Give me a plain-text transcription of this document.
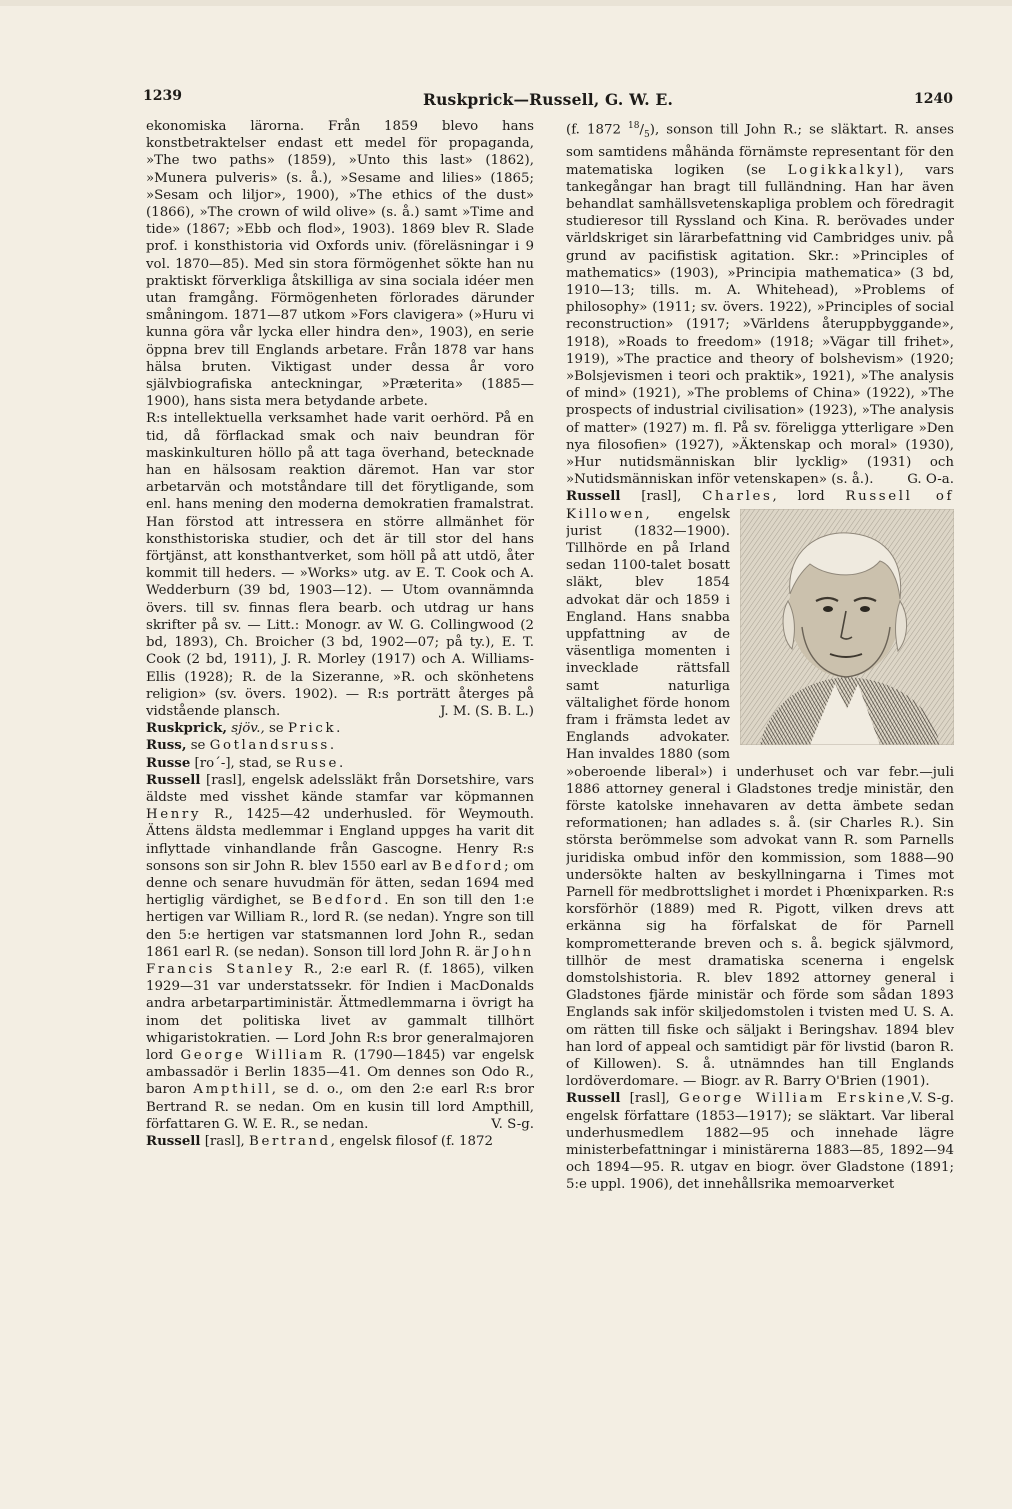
1239	Ruskprick—Russell, G. W. E.	1240

ekonomiska lärorna. Från 1859 blevo hans konstbetraktelser endast ett medel för propaganda, »The two paths» (1859), »Unto this last» (1862), »Munera pulveris» (s. å.), »Sesame and lilies» (1865; »Sesam och liljor», 1900), »The ethics of the dust» (1866), »The crown of wild olive» (s. å.) samt »Time and tide» (1867; »Ebb och flod», 1903). 1869 blev R. Slade prof. i konsthistoria vid Oxfords univ. (föreläsningar i 9 vol. 1870—85). Med sin stora förmögenhet sökte han nu praktiskt förverkliga åtskilliga av sina sociala idéer men utan framgång. Förmögenheten förlorades därunder småningom. 1871—87 utkom »Fors clavigera» (»Huru vi kunna göra vår lycka eller hindra den», 1903), en serie öppna brev till Englands arbetare. Från 1878 var hans hälsa bruten. Viktigast under dessa år voro självbiografiska anteckningar, »Præterita» (1885—1900), hans sista mera betydande arbete.

R:s intellektuella verksamhet hade varit oerhörd. På en tid, då förflackad smak och naiv beundran för maskinkulturen höllo på att taga överhand, betecknade han en hälsosam reaktion däremot. Han var stor arbetarvän och motståndare till det förytligande, som enl. hans mening den moderna demokratien framalstrat. Han förstod att intressera en större allmänhet för konsthistoriska studier, och det är till stor del hans förtjänst, att konsthantverket, som höll på att utdö, åter kommit till heders. — »Works» utg. av E. T. Cook och A. Wedderburn (39 bd, 1903—12). — Utom ovannämnda övers. till sv. finnas flera bearb. och utdrag ur hans skrifter på sv. — Litt.: Monogr. av W. G. Collingwood (2 bd, 1893), Ch. Broicher (3 bd, 1902—07; på ty.), E. T. Cook (2 bd, 1911), J. R. Morley (1917) och A. Williams-Ellis (1928); R. de la Sizeranne, »R. och skönhetens religion» (sv. övers. 1902). — R:s porträtt återges på vidstående plansch.	J. M. (S. B. L.)

Ruskprick, sjöv., se Prick.

Russ, se Gotlandsruss.

Russe [ro´-], stad, se Ruse.

Russell [rasl], engelsk adelssläkt från Dorsetshire, vars äldste med visshet kände stamfar var köpmannen Henry R., 1425—42 underhusled. för Weymouth. Ättens äldsta medlemmar i England uppges ha varit dit inflyttade vinhandlande från Gascogne. Henry R:s sonsons son sir John R. blev 1550 earl av Bedford; om denne och senare huvudmän för ätten, sedan 1694 med hertiglig värdighet, se Bedford. En son till den 1:e hertigen var William R., lord R. (se nedan). Yngre son till den 5:e hertigen var statsmannen lord John R., sedan 1861 earl R. (se nedan). Sonson till lord John R. är John Francis Stanley R., 2:e earl R. (f. 1865), vilken 1929—31 var understatssekr. för Indien i MacDonalds andra arbetarpartiministär. Ättmedlemmarna i övrigt ha inom det politiska livet av gammalt tillhört whigaristokratien. — Lord John R:s bror generalmajoren lord George William R. (1790—1845) var engelsk ambassadör i Berlin 1835—41. Om dennes son Odo R., baron Ampthill, se d. o., om den 2:e earl R:s bror Bertrand R. se nedan. Om en kusin till lord Ampthill, författaren G. W. E. R., se nedan.	V. S-g.

Russell [rasl], Bertrand, engelsk filosof (f. 1872

(f. 1872 $^{18}/_5$), sonson till John R.; se släktart. R. anses som samtidens måhända förnämste representant för den matematiska logiken (se Logikkalkyl), vars tankegångar han bragt till fulländning. Han har även behandlat samhällsvetenskapliga problem och föredragit studieresor till Ryssland och Kina. R. berövades under världskriget sin lärarbefattning vid Cambridges univ. på grund av pacifistisk agitation. Skr.: »Principles of mathematics» (1903), »Principia mathematica» (3 bd, 1910—13; tills. m. A. Whitehead), »Problems of philosophy» (1911; sv. övers. 1922), »Principles of social reconstruction» (1917; »Världens återuppbyggande», 1918), »Roads to freedom» (1918; »Vägar till frihet», 1919), »The practice and theory of bolshevism» (1920; »Bolsjevismen i teori och praktik», 1921), »The analysis of mind» (1921), »The problems of China» (1922), »The prospects of industrial civilisation» (1923), »The analysis of matter» (1927) m. fl. På sv. föreligga ytterligare »Den nya filosofien» (1927), »Äktenskap och moral» (1930), »Hur nutidsmänniskan blir lycklig» (1931) och »Nutidsmänniskan inför vetenskapen» (s. å.).	G. O-a.

Russell [rasl], Charles, lord Russell of Killowen
, engelsk jurist (1832—1900). Tillhörde en på Irland sedan 1100-talet bosatt släkt, blev 1854 advokat där och 1859 i England. Hans snabba uppfattning av de väsentliga momenten i invecklade rättsfall samt naturliga vältalighet förde honom fram i främsta ledet av Englands advokater. Han invaldes 1880 (som »oberoende liberal») i underhuset och var febr.—juli 1886 attorney general i Gladstones tredje ministär, den förste katolske innehavaren av detta ämbete sedan reformationen; han adlades s. å. (sir Charles R.). Sin största berömmelse som advokat vann R. som Parnells juridiska ombud inför den kommission, som 1888—90 undersökte halten av beskyllningarna i Times mot Parnell för medbrottslighet i mordet i Phœnixparken. R:s korsförhör (1889) med R. Pigott, vilken drevs att erkänna sig ha förfalskat de för Parnell komprometterande breven och s. å. begick självmord, tillhör de mest dramatiska scenerna i engelsk domstolshistoria. R. blev 1892 attorney general i Gladstones fjärde ministär och förde som sådan 1893 Englands sak inför skiljedomstolen i tvisten med U. S. A. om rätten till fiske och säljakt i Beringshav. 1894 blev han lord of appeal och samtidigt pär för livstid (baron R. of Killowen). S. å. utnämndes han till Englands lordöverdomare. — Biogr. av R. Barry O'Brien (1901).
V. S-g.

Russell [rasl], George William Erskine, engelsk författare (1853—1917); se släktart. Var liberal underhusmedlem 1882—95 och innehade lägre ministerbefattningar i ministärerna 1883—85, 1892—94 och 1894—95. R. utgav en biogr. över Gladstone (1891; 5:e uppl. 1906), det innehållsrika memoarverket
